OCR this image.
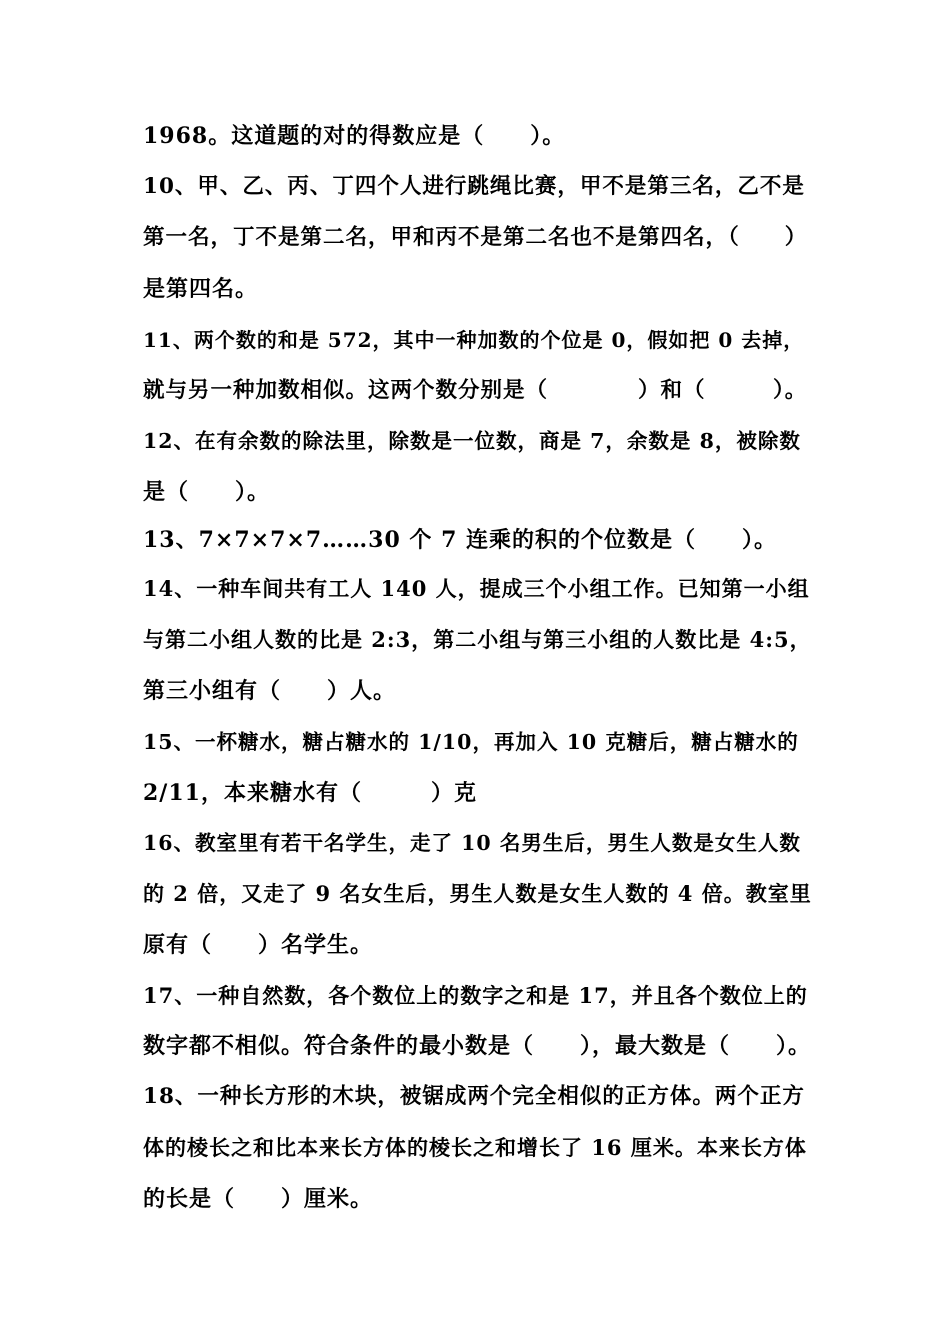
1968。这道题的对的得数应是（　　）。
10、甲、乙、丙、丁四个人进行跳绳比赛，甲不是第三名，乙不是
第一名，丁不是第二名，甲和丙不是第二名也不是第四名，（　　）
是第四名。
11、两个数的和是 572，其中一种加数的个位是 0，假如把 0 去掉，
就与另一种加数相似。这两个数分别是（　　　　）和（　　　）。
12、在有余数的除法里，除数是一位数，商是 7，余数是 8，被除数
是（　　）。
13、7×7×7×7……30 个 7 连乘的积的个位数是（　　）。
14、一种车间共有工人 140 人，提成三个小组工作。已知第一小组
与第二小组人数的比是 2:3，第二小组与第三小组的人数比是 4:5，
第三小组有（　　）人。
15、一杯糖水，糖占糖水的 1/10，再加入 10 克糖后，糖占糖水的
2/11，本来糖水有（　　　）克
16、教室里有若干名学生，走了 10 名男生后，男生人数是女生人数
的 2 倍，又走了 9 名女生后，男生人数是女生人数的 4 倍。教室里
原有（　　）名学生。
17、一种自然数，各个数位上的数字之和是 17，并且各个数位上的
数字都不相似。符合条件的最小数是（　　），最大数是（　　）。
18、一种长方形的木块，被锯成两个完全相似的正方体。两个正方
体的棱长之和比本来长方体的棱长之和增长了 16 厘米。本来长方体
的长是（　　）厘米。
